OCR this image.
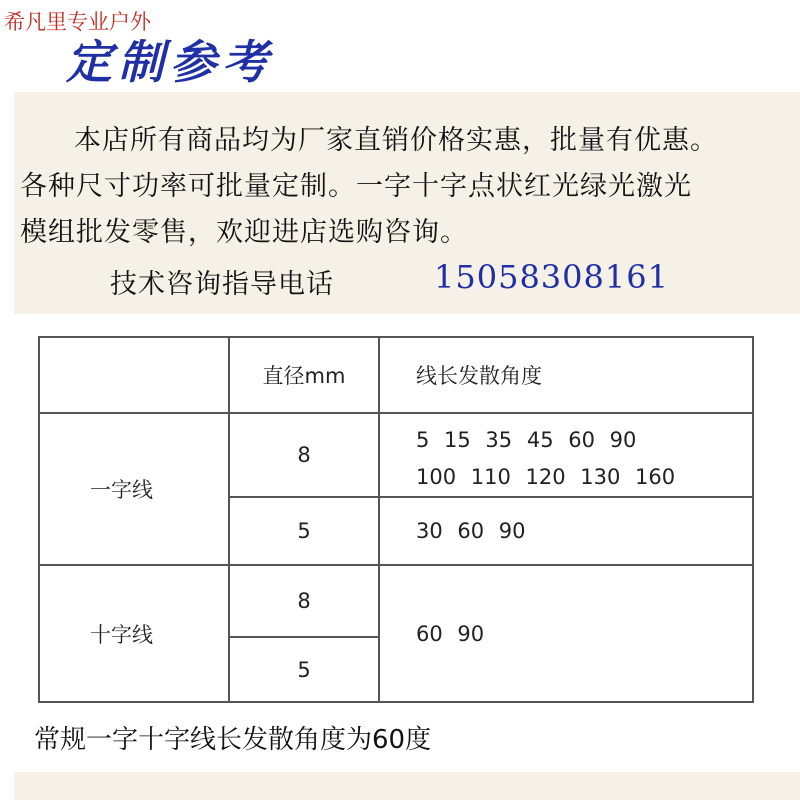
希凡里专业户外
定制参考
本店所有商品均为厂家直销价格实惠，批量有优惠。
各种尺寸功率可批量定制。一字十字点状红光绿光激光
模组批发零售，欢迎进店选购咨询。
技术咨询指导电话	15058308161
	直径mm	线长发散角度
一字线	8	5 15 35 45 60 90
100 110 120 130 160

	5	30 60 90

十字线	8	60 90

	5	
常规一字十字线长发散角度为60度
